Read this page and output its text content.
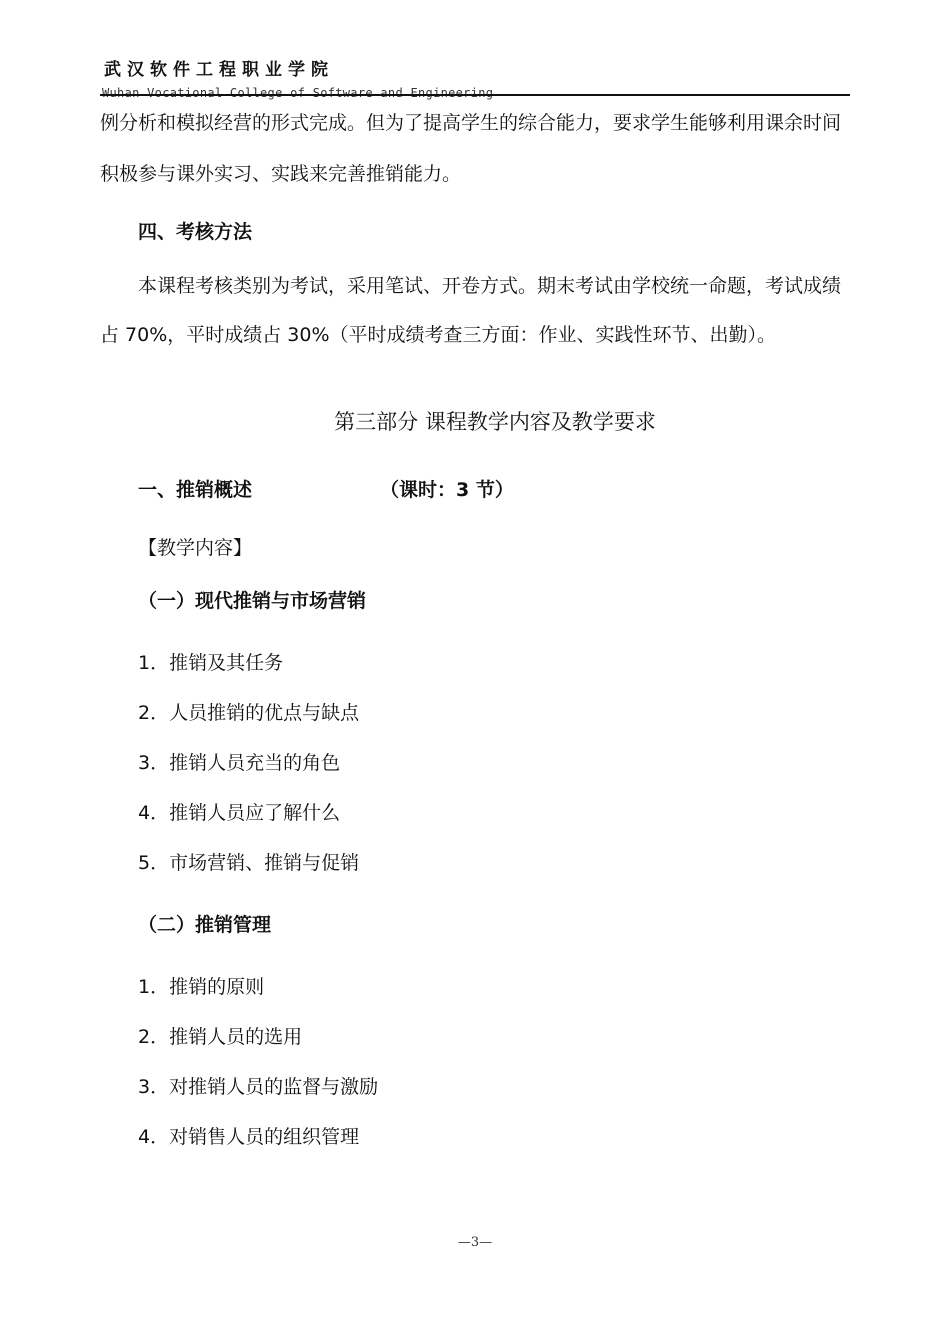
武汉软件工程职业学院
Wuhan Vocational College of Software and Engineering
例分析和模拟经营的形式完成。但为了提高学生的综合能力，要求学生能够利用课余时间
积极参与课外实习、实践来完善推销能力。
四、考核方法
本课程考核类别为考试，采用笔试、开卷方式。期末考试由学校统一命题，考试成绩
占 70%，平时成绩占 30%（平时成绩考查三方面：作业、实践性环节、出勤）。
第三部分 课程教学内容及教学要求
一、推销概述	（课时：3 节）
【教学内容】
（一）现代推销与市场营销
1．推销及其任务
2．人员推销的优点与缺点
3．推销人员充当的角色
4．推销人员应了解什么
5．市场营销、推销与促销
（二）推销管理
1．推销的原则
2．推销人员的选用
3．对推销人员的监督与激励
4．对销售人员的组织管理
—3—
